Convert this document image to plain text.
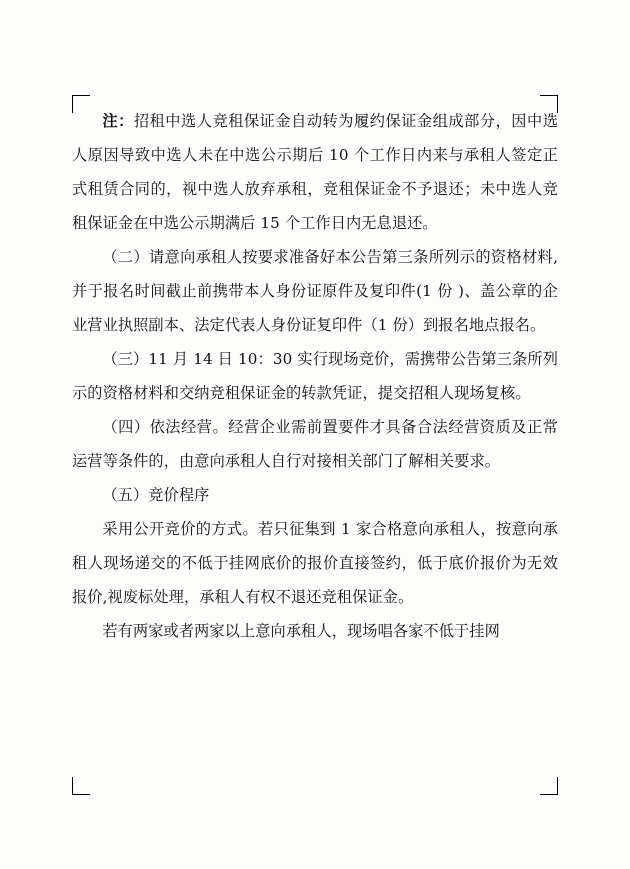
注：招租中选人竞租保证金自动转为履约保证金组成部分，因中选人原因导致中选人未在中选公示期后 10 个工作日内来与承租人签定正式租赁合同的，视中选人放弃承租，竞租保证金不予退还；未中选人竞租保证金在中选公示期满后 15 个工作日内无息退还。

（二）请意向承租人按要求准备好本公告第三条所列示的资格材料,并于报名时间截止前携带本人身份证原件及复印件(1 份 )、盖公章的企业营业执照副本、法定代表人身份证复印件（1 份）到报名地点报名。

（三）11 月 14 日 10：30 实行现场竞价，需携带公告第三条所列示的资格材料和交纳竞租保证金的转款凭证，提交招租人现场复核。

（四）依法经营。经营企业需前置要件才具备合法经营资质及正常运营等条件的，由意向承租人自行对接相关部门了解相关要求。

（五）竞价程序

采用公开竞价的方式。若只征集到 1 家合格意向承租人，按意向承租人现场递交的不低于挂网底价的报价直接签约，低于底价报价为无效报价,视废标处理，承租人有权不退还竞租保证金。

若有两家或者两家以上意向承租人，现场唱各家不低于挂网
